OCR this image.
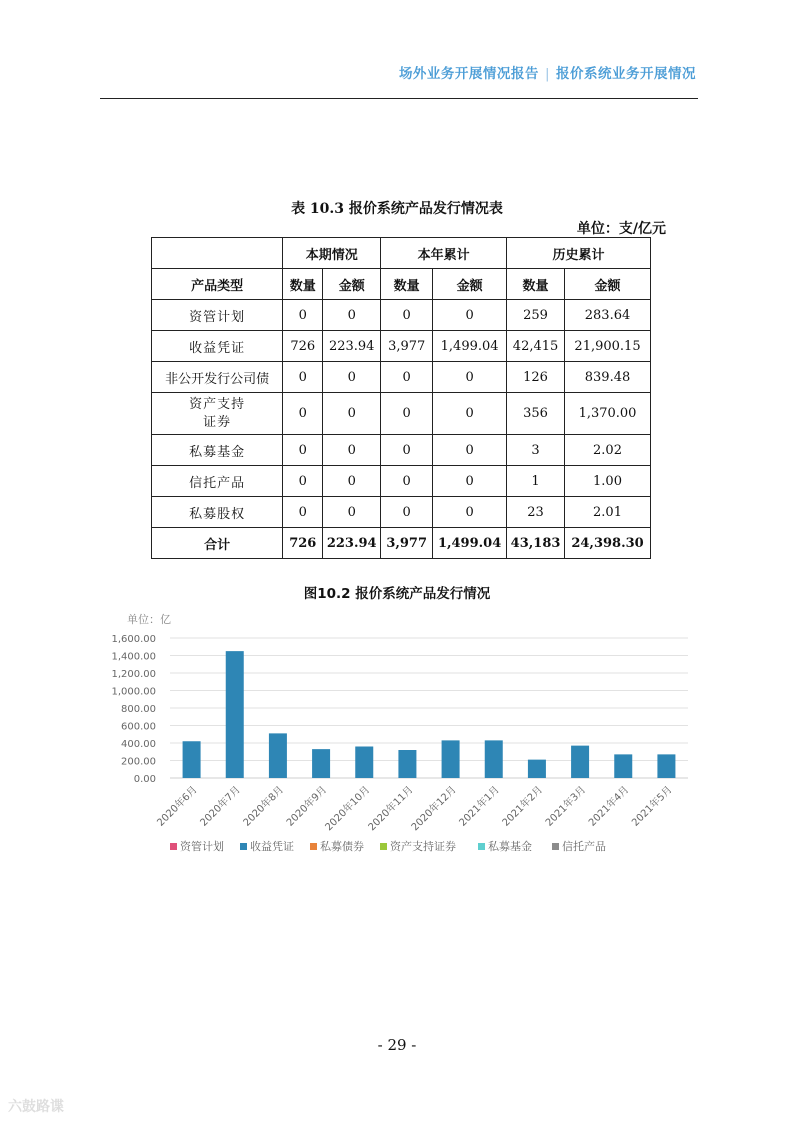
场外业务开展情况报告 | 报价系统业务开展情况
表 10.3 报价系统产品发行情况表
单位：支/亿元
	本期情况		本年累计		历史累计	
产品类型	数量	金额	数量	金额	数量	金额
资管计划	0	0	0	0	259	283.64
收益凭证	726	223.94	3,977	1,499.04	42,415	21,900.15
非公开发行公司债	0	0	0	0	126	839.48

资产支持
证券	0	0	0	0	356	1,370.00
私募基金	0	0	0	0	3	2.02
信托产品	0	0	0	0	1	1.00
私募股权	0	0	0	0	23	2.01
合计	726	223.94	3,977	1,499.04	43,183	24,398.30
图10.2 报价系统产品发行情况
单位：亿
0.00
200.00
400.00
600.00
800.00
1,000.00
1,200.00
1,400.00
1,600.00
2020年6月
2020年7月
2020年8月
2020年9月
2020年10月
2020年11月
2020年12月
2021年1月
2021年2月
2021年3月
2021年4月
2021年5月
资管计划 收益凭证 私募债券 资产支持证券	私募基金	信托产品
- 29 -
六鼓路谍
